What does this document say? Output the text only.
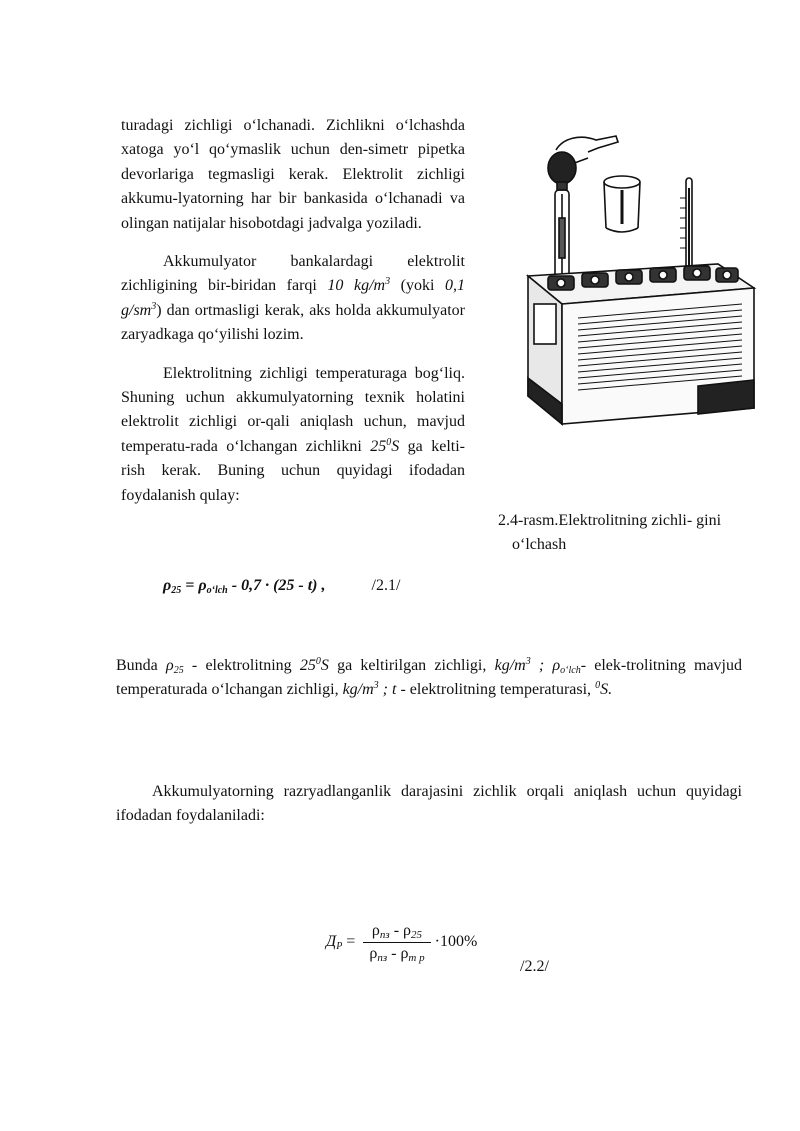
turadagi zichligi o‘lchanadi. Zichlikni o‘lchashda xatoga yo‘l qo‘ymaslik uchun den-simetr pipetka devorlariga tegmasligi kerak. Elektrolit zichligi akkumu-lyatorning har bir bankasida o‘lchanadi va olingan natijalar hisobotdagi jadvalga yoziladi.

Akkumulyator bankalardagi elektrolit zichligining bir-biridan farqi 10 $kg/m^3$ (yoki 0,1 $g/sm^3$) dan ortmasligi kerak, aks holda akkumulyator zaryadkaga qo‘yilishi lozim.

Elektrolitning zichligi temperaturaga bog‘liq. Shuning uchun akkumulyatorning texnik holatini elektrolit zichligi or-qali aniqlash uchun, mavjud temperatu-rada o‘lchangan zichlikni $25^0S$ ga kelti-rish kerak. Buning uchun quyidagi ifodadan foydalanish qulay:

2.4-rasm.Elektrolitning zichli- gini
o‘lchash
$\rho_{25} = \rho_{o‘lch} - 0,7 \cdot (25 - t)$ ,	/2.1/

Bunda $\rho_{25}$ - elektrolitning $25^0S$ ga keltirilgan zichligi, $kg/m^3$ ; $\rho_{o‘lch}-$ elek-trolitning mavjud temperaturada o‘lchangan zichligi, $kg/m^3$ ; t - elektrolitning temperaturasi, $^0$S.

Akkumulyatorning razryadlanganlik darajasini zichlik orqali aniqlash uchun quyidagi ifodadan foydalaniladi:

$Д_Р = \frac{\rho_{пз} - \rho_{25}}{\rho_{пз} - \rho_{т р}} \cdot 100\%$
/2.2/
